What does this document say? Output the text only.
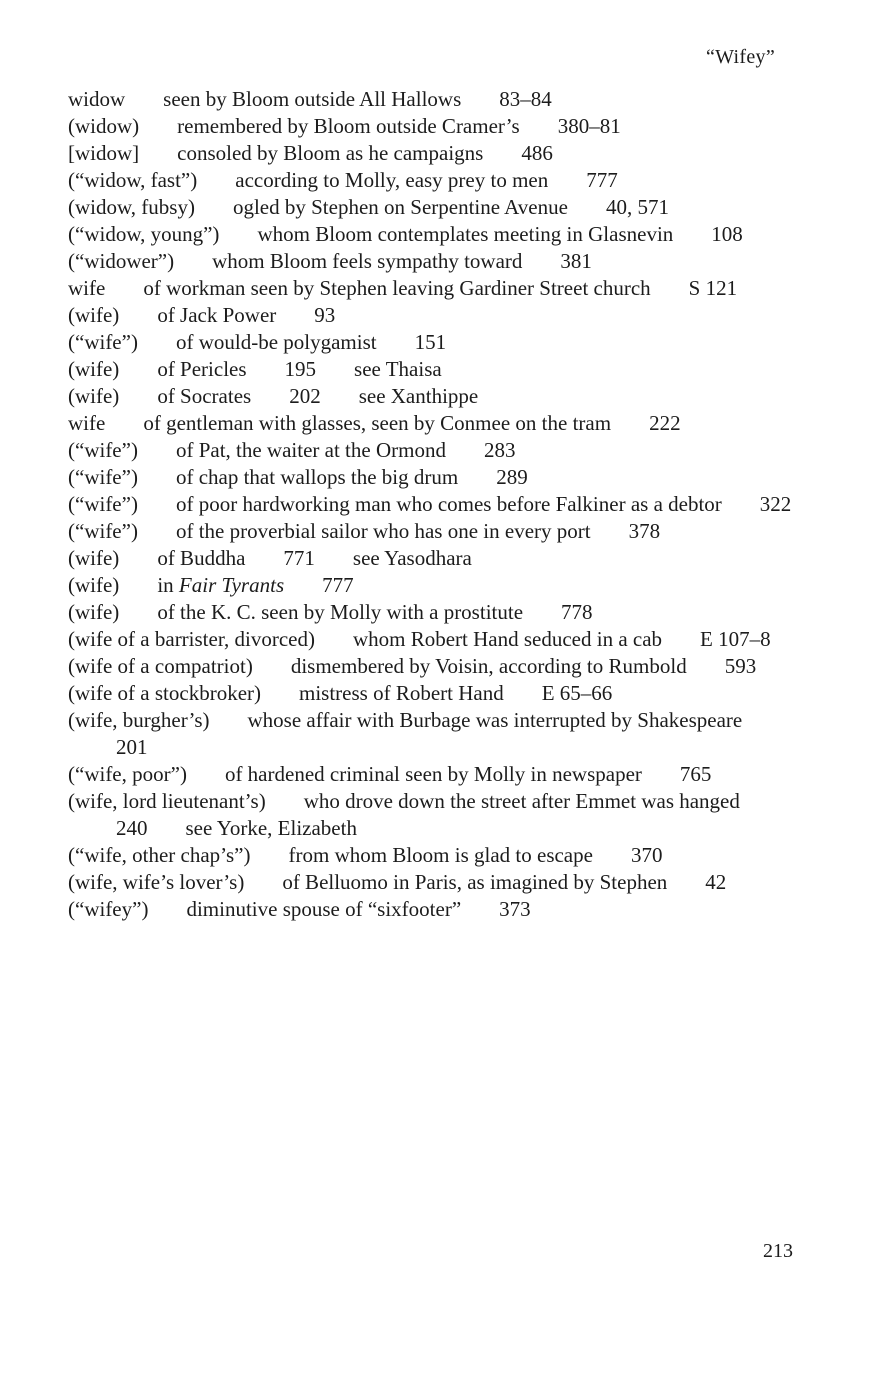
“Wifey”

widow seen by Bloom outside All Hallows 83–84

(widow) remembered by Bloom outside Cramer’s 380–81

[widow] consoled by Bloom as he campaigns 486

(“widow, fast”) according to Molly, easy prey to men 777

(widow, fubsy) ogled by Stephen on Serpentine Avenue 40, 571

(“widow, young”) whom Bloom contemplates meeting in Glasnevin 108

(“widower”) whom Bloom feels sympathy toward 381

wife of workman seen by Stephen leaving Gardiner Street church S 121

(wife) of Jack Power 93

(“wife”) of would-be polygamist 151

(wife) of Pericles 195 see Thaisa

(wife) of Socrates 202 see Xanthippe

wife of gentleman with glasses, seen by Conmee on the tram 222

(“wife”) of Pat, the waiter at the Ormond 283

(“wife”) of chap that wallops the big drum 289

(“wife”) of poor hardworking man who comes before Falkiner as a debtor 322

(“wife”) of the proverbial sailor who has one in every port 378

(wife) of Buddha 771 see Yasodhara

(wife) in Fair Tyrants 777

(wife) of the K. C. seen by Molly with a prostitute 778

(wife of a barrister, divorced) whom Robert Hand seduced in a cab E 107–8

(wife of a compatriot) dismembered by Voisin, according to Rumbold 593

(wife of a stockbroker) mistress of Robert Hand E 65–66

(wife, burgher’s) whose affair with Burbage was interrupted by Shakespeare201

(“wife, poor”) of hardened criminal seen by Molly in newspaper 765

(wife, lord lieutenant’s) who drove down the street after Emmet was hanged240 see Yorke, Elizabeth

(“wife, other chap’s”) from whom Bloom is glad to escape 370

(wife, wife’s lover’s) of Belluomo in Paris, as imagined by Stephen 42

(“wifey”) diminutive spouse of “sixfooter” 373

213
